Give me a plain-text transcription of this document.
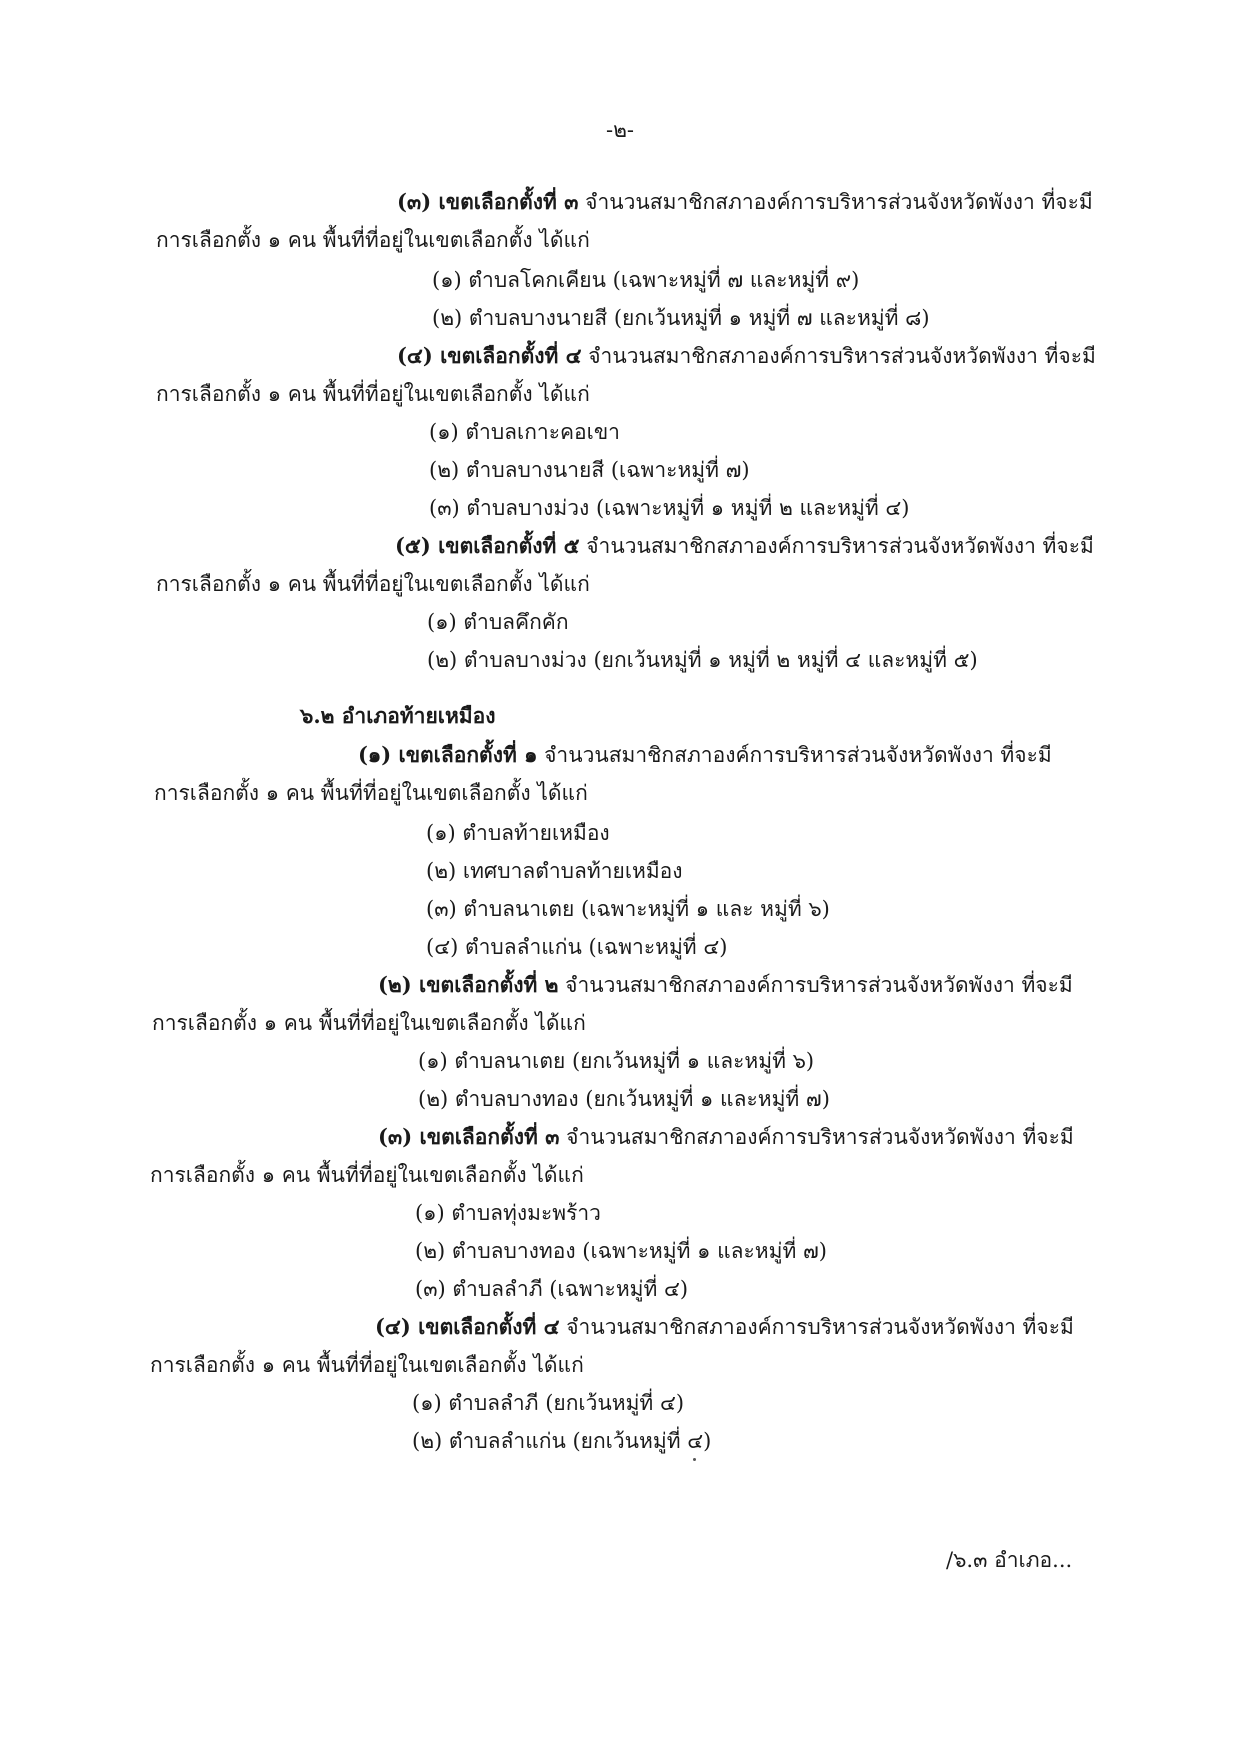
-๒-
(๓) เขตเลือกตั้งที่ ๓ จำนวนสมาชิกสภาองค์การบริหารส่วนจังหวัดพังงา ที่จะมี
การเลือกตั้ง ๑ คน พื้นที่ที่อยู่ในเขตเลือกตั้ง ได้แก่
(๑) ตำบลโคกเคียน (เฉพาะหมู่ที่ ๗ และหมู่ที่ ๙)
(๒) ตำบลบางนายสี (ยกเว้นหมู่ที่ ๑ หมู่ที่ ๗ และหมู่ที่ ๘)
(๔) เขตเลือกตั้งที่ ๔ จำนวนสมาชิกสภาองค์การบริหารส่วนจังหวัดพังงา ที่จะมี
การเลือกตั้ง ๑ คน พื้นที่ที่อยู่ในเขตเลือกตั้ง ได้แก่
(๑) ตำบลเกาะคอเขา
(๒) ตำบลบางนายสี (เฉพาะหมู่ที่ ๗)
(๓) ตำบลบางม่วง (เฉพาะหมู่ที่ ๑ หมู่ที่ ๒ และหมู่ที่ ๔)
(๕) เขตเลือกตั้งที่ ๕ จำนวนสมาชิกสภาองค์การบริหารส่วนจังหวัดพังงา ที่จะมี
การเลือกตั้ง ๑ คน พื้นที่ที่อยู่ในเขตเลือกตั้ง ได้แก่
(๑) ตำบลคึกคัก
(๒) ตำบลบางม่วง (ยกเว้นหมู่ที่ ๑ หมู่ที่ ๒ หมู่ที่ ๔ และหมู่ที่ ๕)
๖.๒ อำเภอท้ายเหมือง
(๑) เขตเลือกตั้งที่ ๑ จำนวนสมาชิกสภาองค์การบริหารส่วนจังหวัดพังงา ที่จะมี
การเลือกตั้ง ๑ คน พื้นที่ที่อยู่ในเขตเลือกตั้ง ได้แก่
(๑) ตำบลท้ายเหมือง
(๒) เทศบาลตำบลท้ายเหมือง
(๓) ตำบลนาเตย (เฉพาะหมู่ที่ ๑ และ หมู่ที่ ๖)
(๔) ตำบลลำแก่น (เฉพาะหมู่ที่ ๔)
(๒) เขตเลือกตั้งที่ ๒ จำนวนสมาชิกสภาองค์การบริหารส่วนจังหวัดพังงา ที่จะมี
การเลือกตั้ง ๑ คน พื้นที่ที่อยู่ในเขตเลือกตั้ง ได้แก่
(๑) ตำบลนาเตย (ยกเว้นหมู่ที่ ๑ และหมู่ที่ ๖)
(๒) ตำบลบางทอง (ยกเว้นหมู่ที่ ๑ และหมู่ที่ ๗)
(๓) เขตเลือกตั้งที่ ๓ จำนวนสมาชิกสภาองค์การบริหารส่วนจังหวัดพังงา ที่จะมี
การเลือกตั้ง ๑ คน พื้นที่ที่อยู่ในเขตเลือกตั้ง ได้แก่
(๑) ตำบลทุ่งมะพร้าว
(๒) ตำบลบางทอง (เฉพาะหมู่ที่ ๑ และหมู่ที่ ๗)
(๓) ตำบลลำภี (เฉพาะหมู่ที่ ๔)
(๔) เขตเลือกตั้งที่ ๔ จำนวนสมาชิกสภาองค์การบริหารส่วนจังหวัดพังงา ที่จะมี
การเลือกตั้ง ๑ คน พื้นที่ที่อยู่ในเขตเลือกตั้ง ได้แก่
(๑) ตำบลลำภี (ยกเว้นหมู่ที่ ๔)
(๒) ตำบลลำแก่น (ยกเว้นหมู่ที่ ๔)
/๖.๓ อำเภอ...
